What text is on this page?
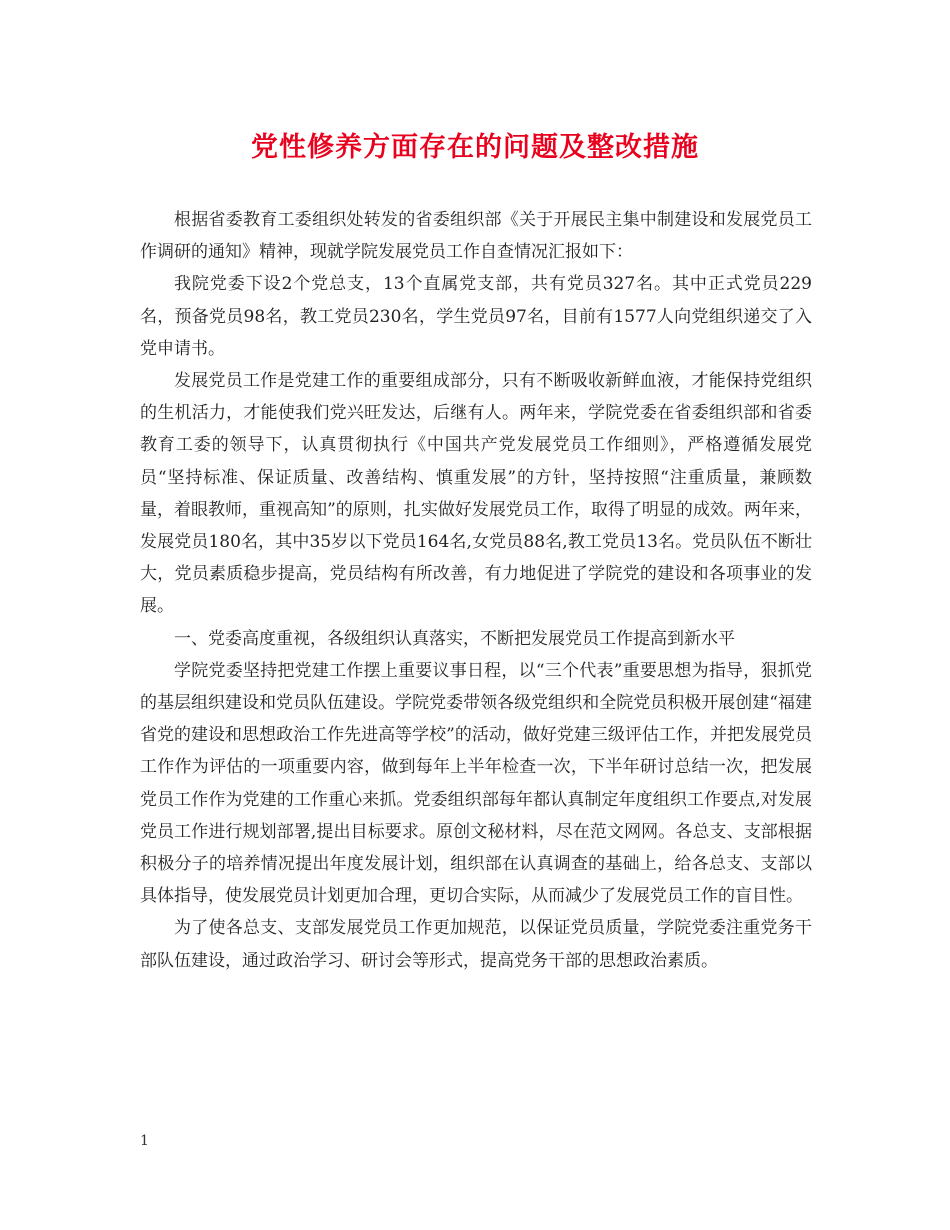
党性修养方面存在的问题及整改措施

根据省委教育工委组织处转发的省委组织部《关于开展民主集中制建设和发展党员工作调研的通知》精神，现就学院发展党员工作自查情况汇报如下：

我院党委下设2个党总支，13个直属党支部，共有党员327名。其中正式党员229名，预备党员98名，教工党员230名，学生党员97名，目前有1577人向党组织递交了入党申请书。

发展党员工作是党建工作的重要组成部分，只有不断吸收新鲜血液，才能保持党组织的生机活力，才能使我们党兴旺发达，后继有人。两年来，学院党委在省委组织部和省委教育工委的领导下，认真贯彻执行《中国共产党发展党员工作细则》，严格遵循发展党员“坚持标准、保证质量、改善结构、慎重发展”的方针，坚持按照“注重质量，兼顾数量，着眼教师，重视高知”的原则，扎实做好发展党员工作，取得了明显的成效。两年来，发展党员180名，其中35岁以下党员164名,女党员88名,教工党员13名。党员队伍不断壮大，党员素质稳步提高，党员结构有所改善，有力地促进了学院党的建设和各项事业的发展。

一、党委高度重视，各级组织认真落实，不断把发展党员工作提高到新水平

学院党委坚持把党建工作摆上重要议事日程，以“三个代表”重要思想为指导，狠抓党的基层组织建设和党员队伍建设。学院党委带领各级党组织和全院党员积极开展创建“福建省党的建设和思想政治工作先进高等学校”的活动，做好党建三级评估工作，并把发展党员工作作为评估的一项重要内容，做到每年上半年检查一次，下半年研讨总结一次，把发展党员工作作为党建的工作重心来抓。党委组织部每年都认真制定年度组织工作要点,对发展党员工作进行规划部署,提出目标要求。原创文秘材料，尽在范文网网。各总支、支部根据积极分子的培养情况提出年度发展计划，组织部在认真调查的基础上，给各总支、支部以具体指导，使发展党员计划更加合理，更切合实际，从而减少了发展党员工作的盲目性。

为了使各总支、支部发展党员工作更加规范，以保证党员质量，学院党委注重党务干部队伍建设，通过政治学习、研讨会等形式，提高党务干部的思想政治素质。

1
